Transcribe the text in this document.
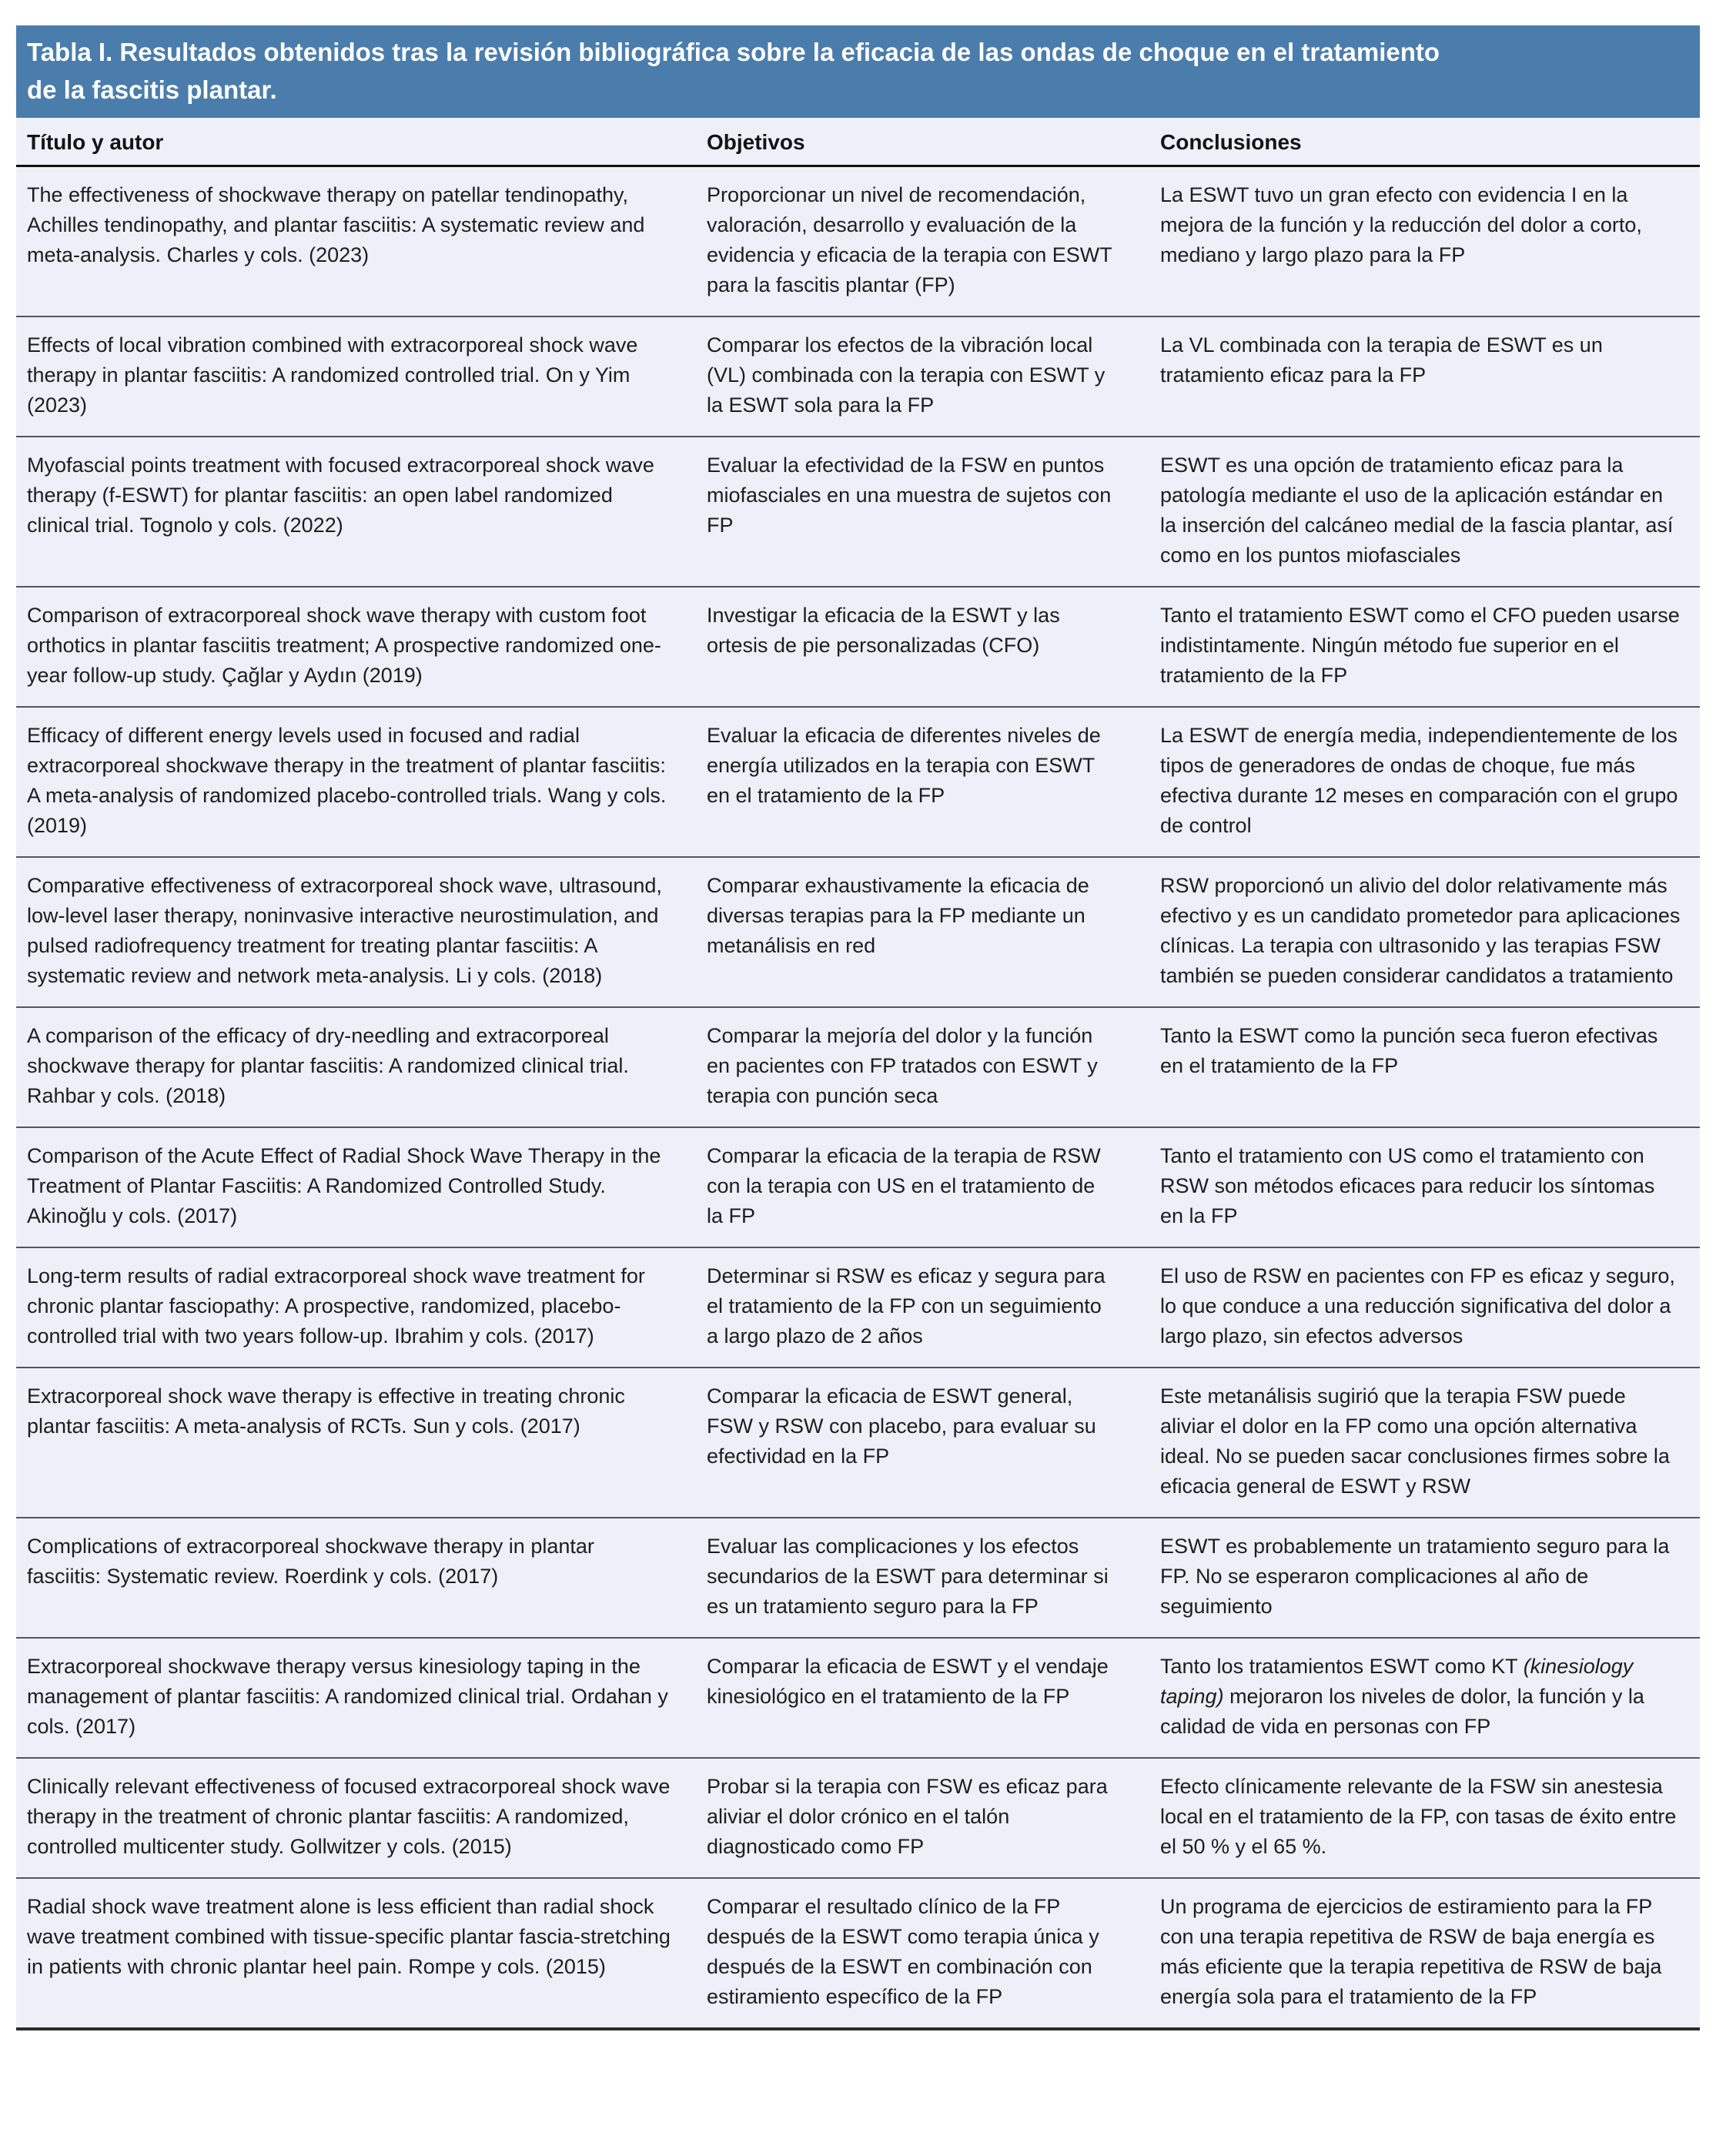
Tabla I. Resultados obtenidos tras la revisión bibliográfica sobre la eficacia de las ondas de choque en el tratamiento
de la fascitis plantar.
Título y autor	Objetivos	Conclusiones
The effectiveness of shockwave therapy on patellar tendinopathy, Achilles tendinopathy, and plantar fasciitis: A systematic review and meta-analysis. Charles y cols. (2023)
Proporcionar un nivel de recomendación, valoración, desarrollo y evaluación de la evidencia y eficacia de la terapia con ESWT para la fascitis plantar (FP)
La ESWT tuvo un gran efecto con evidencia I en la mejora de la función y la reducción del dolor a corto, mediano y largo plazo para la FP
Effects of local vibration combined with extracorporeal shock wave therapy in plantar fasciitis: A randomized controlled trial. On y Yim (2023)
Comparar los efectos de la vibración local (VL) combinada con la terapia con ESWT y la ESWT sola para la FP
La VL combinada con la terapia de ESWT es un tratamiento eficaz para la FP
Myofascial points treatment with focused extracorporeal shock wave therapy (f-ESWT) for plantar fasciitis: an open label randomized clinical trial. Tognolo y cols. (2022)
Evaluar la efectividad de la FSW en puntos miofasciales en una muestra de sujetos con FP
ESWT es una opción de tratamiento eficaz para la patología mediante el uso de la aplicación estándar en la inserción del calcáneo medial de la fascia plantar, así como en los puntos miofasciales
Comparison of extracorporeal shock wave therapy with custom foot orthotics in plantar fasciitis treatment; A prospective randomized one-year follow-up study. Çağlar y Aydın (2019)
Investigar la eficacia de la ESWT y las ortesis de pie personalizadas (CFO)
Tanto el tratamiento ESWT como el CFO pueden usarse indistintamente. Ningún método fue superior en el tratamiento de la FP
Efficacy of different energy levels used in focused and radial extracorporeal shockwave therapy in the treatment of plantar fasciitis: A meta-analysis of randomized placebo-controlled trials. Wang y cols. (2019)
Evaluar la eficacia de diferentes niveles de energía utilizados en la terapia con ESWT en el tratamiento de la FP
La ESWT de energía media, independientemente de los tipos de generadores de ondas de choque, fue más efectiva durante 12 meses en comparación con el grupo de control
Comparative effectiveness of extracorporeal shock wave, ultrasound, low-level laser therapy, noninvasive interactive neurostimulation, and pulsed radiofrequency treatment for treating plantar fasciitis: A systematic review and network meta-analysis. Li y cols. (2018)
Comparar exhaustivamente la eficacia de diversas terapias para la FP mediante un metanálisis en red
RSW proporcionó un alivio del dolor relativamente más efectivo y es un candidato prometedor para aplicaciones clínicas. La terapia con ultrasonido y las terapias FSW también se pueden considerar candidatos a tratamiento
A comparison of the efficacy of dry-needling and extracorporeal shockwave therapy for plantar fasciitis: A randomized clinical trial. Rahbar y cols. (2018)
Comparar la mejoría del dolor y la función en pacientes con FP tratados con ESWT y terapia con punción seca
Tanto la ESWT como la punción seca fueron efectivas en el tratamiento de la FP
Comparison of the Acute Effect of Radial Shock Wave Therapy in the Treatment of Plantar Fasciitis: A Randomized Controlled Study. Akinoğlu y cols. (2017)
Comparar la eficacia de la terapia de RSW con la terapia con US en el tratamiento de la FP
Tanto el tratamiento con US como el tratamiento con RSW son métodos eficaces para reducir los síntomas en la FP
Long-term results of radial extracorporeal shock wave treatment for chronic plantar fasciopathy: A prospective, randomized, placebo-controlled trial with two years follow-up. Ibrahim y cols. (2017)
Determinar si RSW es eficaz y segura para el tratamiento de la FP con un seguimiento a largo plazo de 2 años
El uso de RSW en pacientes con FP es eficaz y seguro, lo que conduce a una reducción significativa del dolor a largo plazo, sin efectos adversos
Extracorporeal shock wave therapy is effective in treating chronic plantar fasciitis: A meta-analysis of RCTs. Sun y cols. (2017)
Comparar la eficacia de ESWT general, FSW y RSW con placebo, para evaluar su efectividad en la FP
Este metanálisis sugirió que la terapia FSW puede aliviar el dolor en la FP como una opción alternativa ideal. No se pueden sacar conclusiones firmes sobre la eficacia general de ESWT y RSW
Complications of extracorporeal shockwave therapy in plantar fasciitis: Systematic review. Roerdink y cols. (2017)
Evaluar las complicaciones y los efectos secundarios de la ESWT para determinar si es un tratamiento seguro para la FP
ESWT es probablemente un tratamiento seguro para la FP. No se esperaron complicaciones al año de seguimiento
Extracorporeal shockwave therapy versus kinesiology taping in the management of plantar fasciitis: A randomized clinical trial. Ordahan y cols. (2017)
Comparar la eficacia de ESWT y el vendaje kinesiológico en el tratamiento de la FP
Tanto los tratamientos ESWT como KT (kinesiology taping) mejoraron los niveles de dolor, la función y la calidad de vida en personas con FP
Clinically relevant effectiveness of focused extracorporeal shock wave therapy in the treatment of chronic plantar fasciitis: A randomized, controlled multicenter study. Gollwitzer y cols. (2015)
Probar si la terapia con FSW es eficaz para aliviar el dolor crónico en el talón diagnosticado como FP
Efecto clínicamente relevante de la FSW sin anestesia local en el tratamiento de la FP, con tasas de éxito entre el 50 % y el 65 %.
Radial shock wave treatment alone is less efficient than radial shock wave treatment combined with tissue-specific plantar fascia-stretching in patients with chronic plantar heel pain. Rompe y cols. (2015)
Comparar el resultado clínico de la FP después de la ESWT como terapia única y después de la ESWT en combinación con estiramiento específico de la FP
Un programa de ejercicios de estiramiento para la FP con una terapia repetitiva de RSW de baja energía es más eficiente que la terapia repetitiva de RSW de baja energía sola para el tratamiento de la FP
